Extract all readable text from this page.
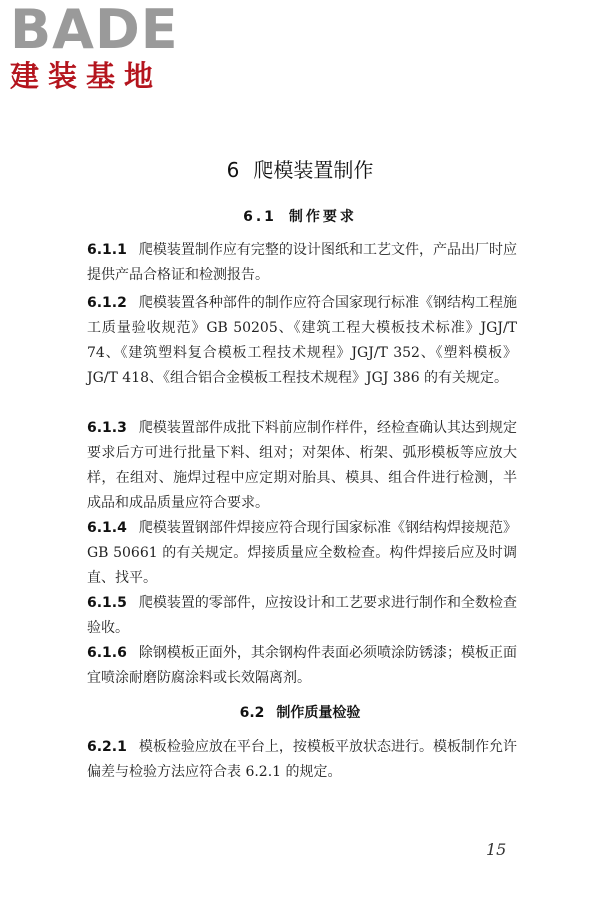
BADE
建装基地
6 爬模装置制作
6.1 制作要求
6.1.1 爬模装置制作应有完整的设计图纸和工艺文件，产品出厂时应提供产品合格证和检测报告。
6.1.2 爬模装置各种部件的制作应符合国家现行标准《钢结构工程施工质量验收规范》GB 50205、《建筑工程大模板技术标准》JGJ/T 74、《建筑塑料复合模板工程技术规程》JGJ/T 352、《塑料模板》JG/T 418、《组合铝合金模板工程技术规程》JGJ 386 的有关规定。
6.1.3 爬模装置部件成批下料前应制作样件，经检查确认其达到规定要求后方可进行批量下料、组对；对架体、桁架、弧形模板等应放大样，在组对、施焊过程中应定期对胎具、模具、组合件进行检测，半成品和成品质量应符合要求。
6.1.4 爬模装置钢部件焊接应符合现行国家标准《钢结构焊接规范》GB 50661 的有关规定。焊接质量应全数检查。构件焊接后应及时调直、找平。
6.1.5 爬模装置的零部件，应按设计和工艺要求进行制作和全数检查验收。
6.1.6 除钢模板正面外，其余钢构件表面必须喷涂防锈漆；模板正面宜喷涂耐磨防腐涂料或长效隔离剂。
6.2 制作质量检验
6.2.1 模板检验应放在平台上，按模板平放状态进行。模板制作允许偏差与检验方法应符合表 6.2.1 的规定。
15
